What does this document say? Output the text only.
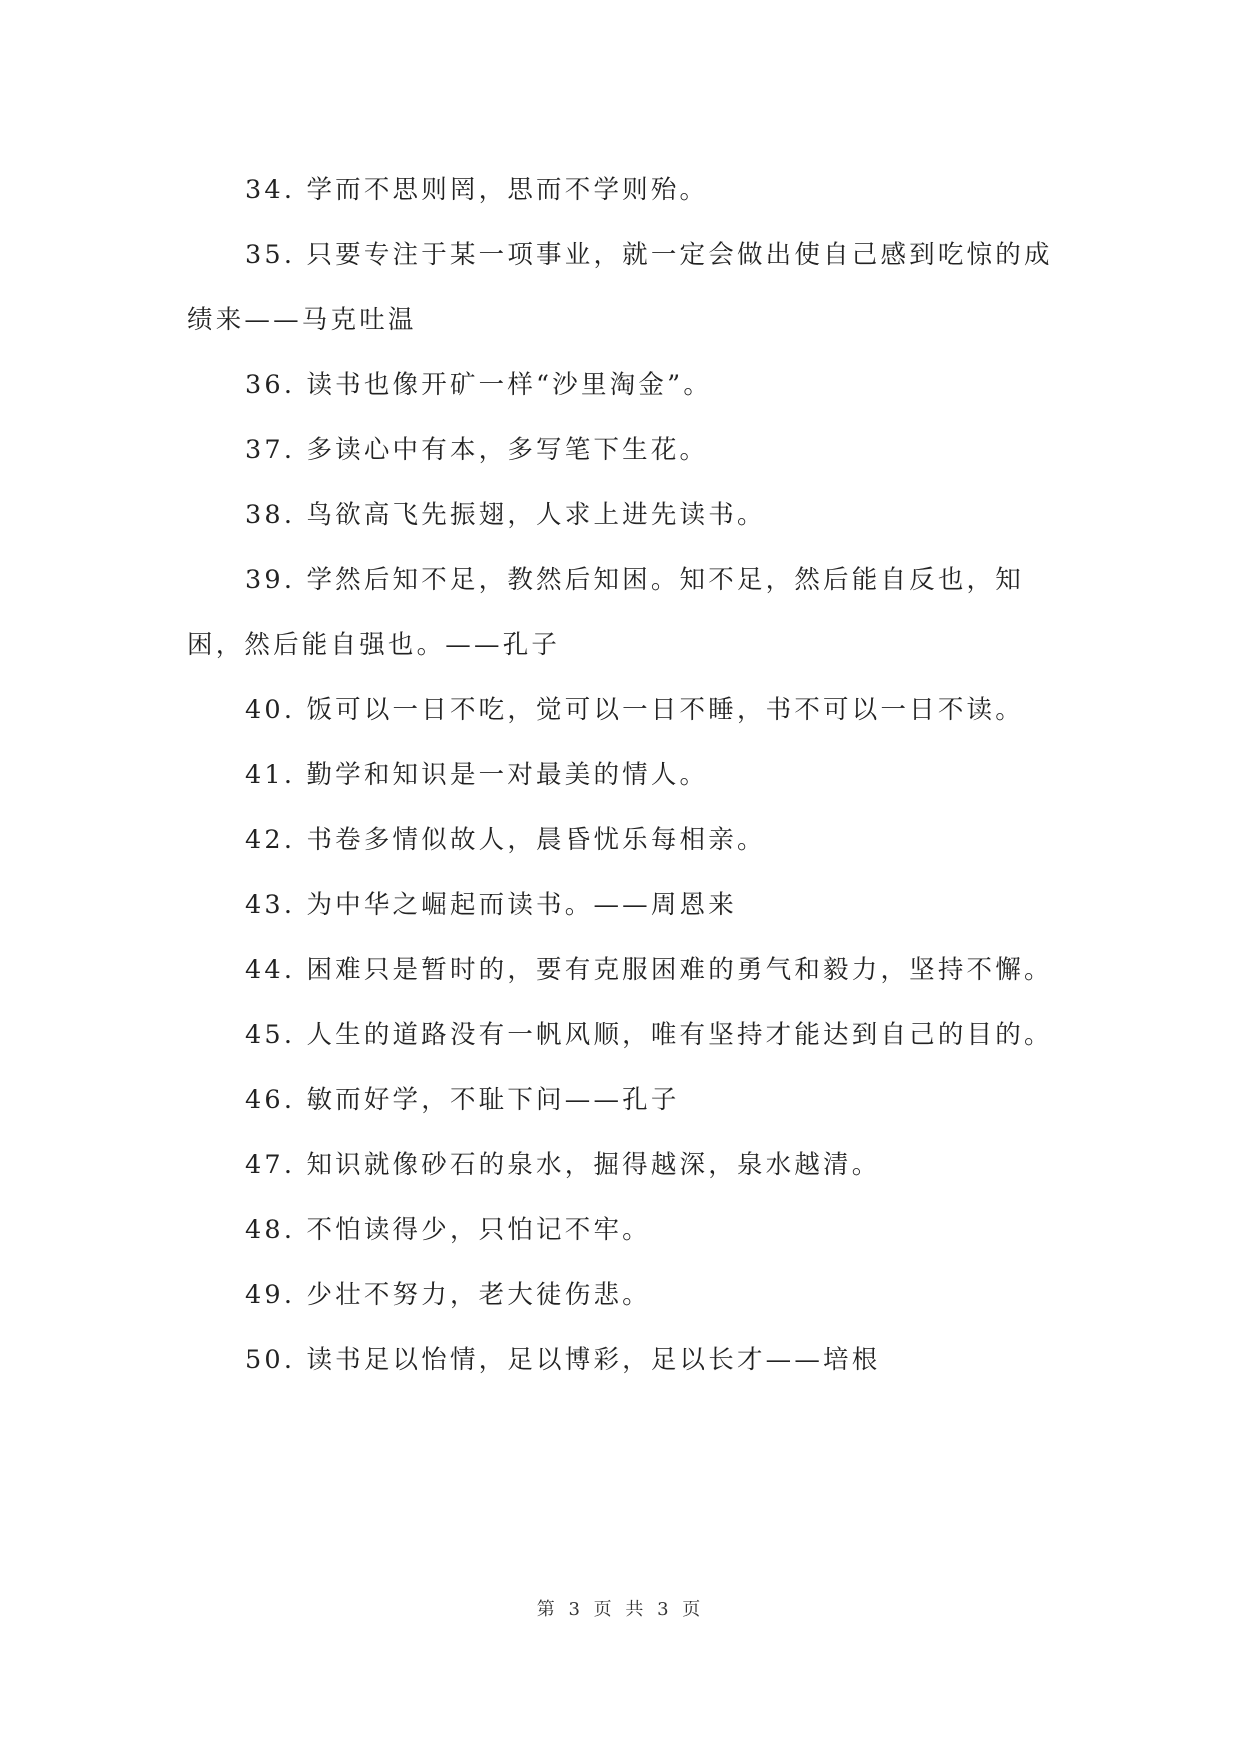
34. 学而不思则罔，思而不学则殆。

35. 只要专注于某一项事业，就一定会做出使自己感到吃惊的成绩来——马克吐温

36. 读书也像开矿一样“沙里淘金”。

37. 多读心中有本，多写笔下生花。

38. 鸟欲高飞先振翅，人求上进先读书。

39. 学然后知不足，教然后知困。知不足，然后能自反也，知困，然后能自强也。——孔子

40. 饭可以一日不吃，觉可以一日不睡，书不可以一日不读。

41. 勤学和知识是一对最美的情人。

42. 书卷多情似故人，晨昏忧乐每相亲。

43. 为中华之崛起而读书。——周恩来

44. 困难只是暂时的，要有克服困难的勇气和毅力，坚持不懈。

45. 人生的道路没有一帆风顺，唯有坚持才能达到自己的目的。

46. 敏而好学，不耻下问——孔子

47. 知识就像砂石的泉水，掘得越深，泉水越清。

48. 不怕读得少，只怕记不牢。

49. 少壮不努力，老大徒伤悲。

50. 读书足以怡情，足以博彩，足以长才——培根

第 3 页 共 3 页
